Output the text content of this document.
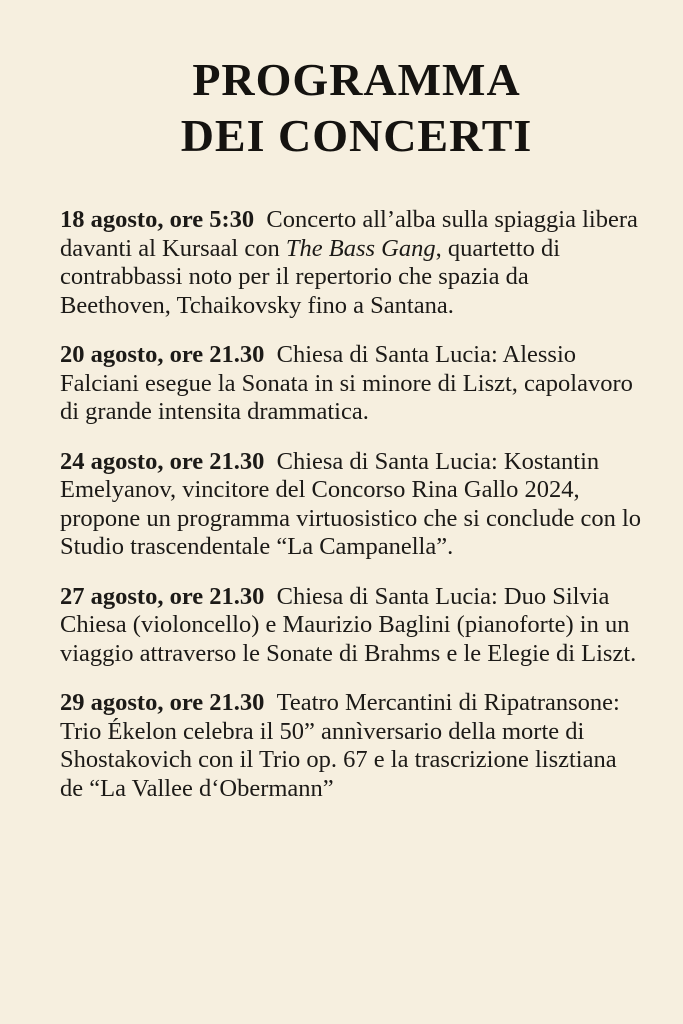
PROGRAMMA
DEI CONCERTI
18 agosto, ore 5:30 Concerto all’alba sulla spiaggia libera davanti al Kursaal con The Bass Gang, quartetto di contrabbassi noto per il repertorio che spazia da Beethoven, Tchaikovsky fino a Santana.
20 agosto, ore 21.30 Chiesa di Santa Lucia: Alessio Falciani esegue la Sonata in si minore di Liszt, capolavoro di grande intensita drammatica.
24 agosto, ore 21.30 Chiesa di Santa Lucia: Kostantin Emelyanov, vincitore del Concorso Rina Gallo 2024, propone un programma virtuosistico che si conclude con lo Studio trascendentale “La Campanella”.
27 agosto, ore 21.30 Chiesa di Santa Lucia: Duo Silvia Chiesa (violoncello) e Maurizio Baglini (pianoforte) in un viaggio attraverso le Sonate di Brahms e le Elegie di Liszt.
29 agosto, ore 21.30 Teatro Mercantini di Ripatransone: Trio Ékelon celebra il 50” annìversario della morte di Shostakovich con il Trio op. 67 e la trascrizione lisztiana de “La Vallee d‘Obermann”
